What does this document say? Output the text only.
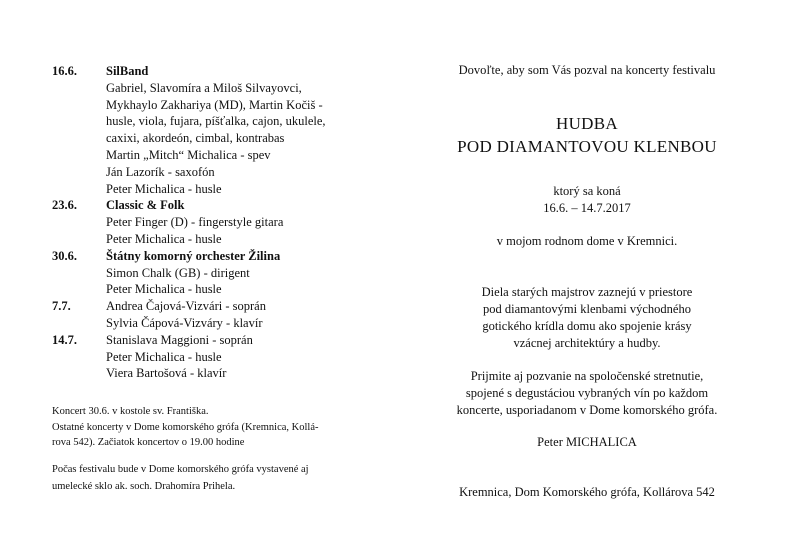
16.6.	SilBand
Gabriel, Slavomíra a Miloš Silvayovci,
Mykhaylo Zakhariya (MD), Martin Kočiš -
husle, viola, fujara, píšťalka, cajon, ukulele,
caxixi, akordeón, cimbal, kontrabas
Martin „Mitch“ Michalica - spev
Ján Lazorík - saxofón
Peter Michalica - husle
23.6.	Classic & Folk
Peter Finger (D) - fingerstyle gitara
Peter Michalica - husle
30.6.	Štátny komorný orchester Žilina
Simon Chalk (GB) - dirigent
Peter Michalica - husle
7.7.	Andrea Čajová-Vizvári - soprán
Sylvia Čápová-Vizváry - klavír
14.7.	Stanislava Maggioni - soprán
Peter Michalica - husle
Viera Bartošová - klavír
Koncert 30.6. v kostole sv. Františka.
Ostatné koncerty v Dome komorského grófa (Kremnica, Kollá-
rova 542). Začiatok koncertov o 19.00 hodine
Počas festivalu bude v Dome komorského grófa vystavené aj
umelecké sklo ak. soch. Drahomíra Prihela.
Dovoľte, aby som Vás pozval na koncerty festivalu
HUDBA
POD DIAMANTOVOU KLENBOU
ktorý sa koná
16.6. – 14.7.2017
v mojom rodnom dome v Kremnici.
Diela starých majstrov zaznejú v priestore
pod diamantovými klenbami východného
gotického krídla domu ako spojenie krásy
vzácnej architektúry a hudby.
Prijmite aj pozvanie na spoločenské stretnutie,
spojené s degustáciou vybraných vín po každom
koncerte, usporiadanom v Dome komorského grófa.
Peter MICHALICA
Kremnica, Dom Komorského grófa, Kollárova 542
